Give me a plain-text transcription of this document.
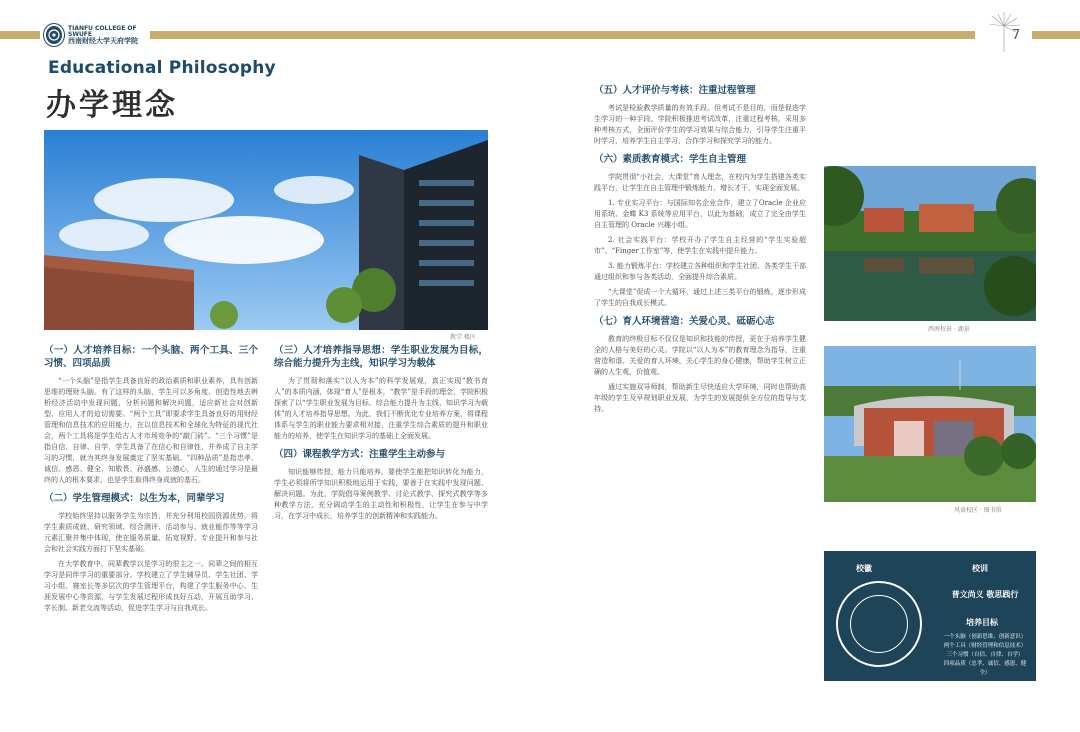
TIANFU COLLEGE OF SWUFE
西南财经大学天府学院	7
Educational Philosophy
办学理念
教学 楼区
（一）人才培养目标：一个头脑、两个工具、三个习惯、四项品质

“一个头脑”是指学生具备良好的政治素质和职业素养，具有创新思维的理财头脑。有了这样的头脑，学生可以多角度、创造性地去辨析经济活动中发现问题、分析问题和解决问题，适应新社会对创新型、应用人才的迫切需要。“两个工具”即要求学生具备良好的用财经管理和信息技术的应用能力，在以信息技术和全球化为特征的现代社会，两个工具将是学生给古人才市场竞争的“敲门砖”。“三个习惯”是指自信、自律、自学，学生具备了在信心和自律性，并养成了自主学习的习惯，就为其终身发展奠定了坚实基础。“四种品质”是指忠孝、诚信、感恩、健全，知敬畏、孙盛感、公德心，人生的通过学习是最终的人的根本要求，也是学生取得终身成就的基石。

（二）学生管理模式：以生为本，同辈学习

学校始终坚持以服务学生为宗旨，并充分利用校园资源优势，将学生素质成就、研究领域、综合测评、活动参与、就业能作等等学习元素汇聚并集中体现，使在服务质量、拓宽视野、专业提升和参与社会和社会实践方面打下坚实基础。

在大学教育中，同辈教学以是学习的很主之一。同辈之间的相互学习是同伴学习的重要部分。学校建立了学生辅导员、学生社团、学习小组、寝室长等多层次的学生管理平台，构建了学生服务中心、生涯发展中心等资源，与学生发展过程形成良好互动，开展互助学习、学长制、新老交流等活动，促进学生学习与自我成长。

（三）人才培养指导思想：学生职业发展为目标，综合能力提升为主线，知识学习为载体

为了贯彻和落实“以人为本”的科学发展观，真正实现“教书育人”的本质内涵，体现“育人”是根本，“教学”是手段的理念，学院积极探索了以“学生职业发展为目标、综合能力提升为主线、知识学习为载体”的人才培养指导思想。为此，我们不断优化专业培养方案，将课程体系与学生的职业能力要求相对接，注重学生综合素质的提升和职业能力的培养，使学生在知识学习的基础上全面发展。

（四）课程教学方式：注重学生主动参与

知识能够传授，能力只能培养。要使学生能把知识转化为能力，学生必须将所学知识积极地运用于实践，要善于在实践中发现问题、解决问题。为此，学院倡导案例教学、讨论式教学、探究式教学等多种教学方法，充分调动学生的主动性和积极性，让学生在参与中学习，在学习中成长，培养学生的创新精神和实践能力。

（五）人才评价与考核：注重过程管理

考试是检验教学质量的有效手段。但考试不是目的，而是促进学生学习的一种手段。学院积极推进考试改革，注重过程考核，采用多种考核方式，全面评价学生的学习效果与综合能力，引导学生注重平时学习，培养学生自主学习、合作学习和探究学习的能力。

（六）素质教育模式：学生自主管理

学院贯彻“小社会，大课堂”育人理念，在校内为学生搭建各类实践平台，让学生在自主管理中锻炼能力、增长才干，实现全面发展。

1. 专业实习平台：与国际知名企业合作，建立了Oracle 企业应用系统、金蝶 K3 系统等应用平台，以此为基础，成立了完全由学生自主管理的 Oracle 兴趣小组。

2. 社会实践平台：学校开办了学生自主经营的“学生实验超市”、“Finger工作室”等，使学生在实践中提升能力。

3. 能力锻炼平台：学校建立各种组织和学生社团，各类学生干部通过组织和参与各类活动，全面提升综合素质。

“大课堂”促成一个大循环，通过上述三类平台的锻炼，逐步形成了学生的自我成长模式。

（七）育人环境营造：关爱心灵、砥砺心志

教育的终极目标不仅仅是知识和技能的传授，更在于培养学生健全的人格与美好的心灵。学院以“以人为本”的教育理念为指导，注重营造和谐、关爱的育人环境，关心学生的身心健康，帮助学生树立正确的人生观、价值观。

通过实施双导师制，帮助新生尽快适应大学环境，同时也帮助高年级的学生及早规划职业发展，为学生的发展提供全方位的指导与支持。

西南校景 · 湖景
风景校区 · 图书馆
校徽	校训
普文尚义 敬思践行
培养目标
一个头脑（创新思维、创新意识）
两个工具（财经管理和信息技术）
三个习惯（自信、自律、自学）
四项品质（忠孝、诚信、感恩、健全）
